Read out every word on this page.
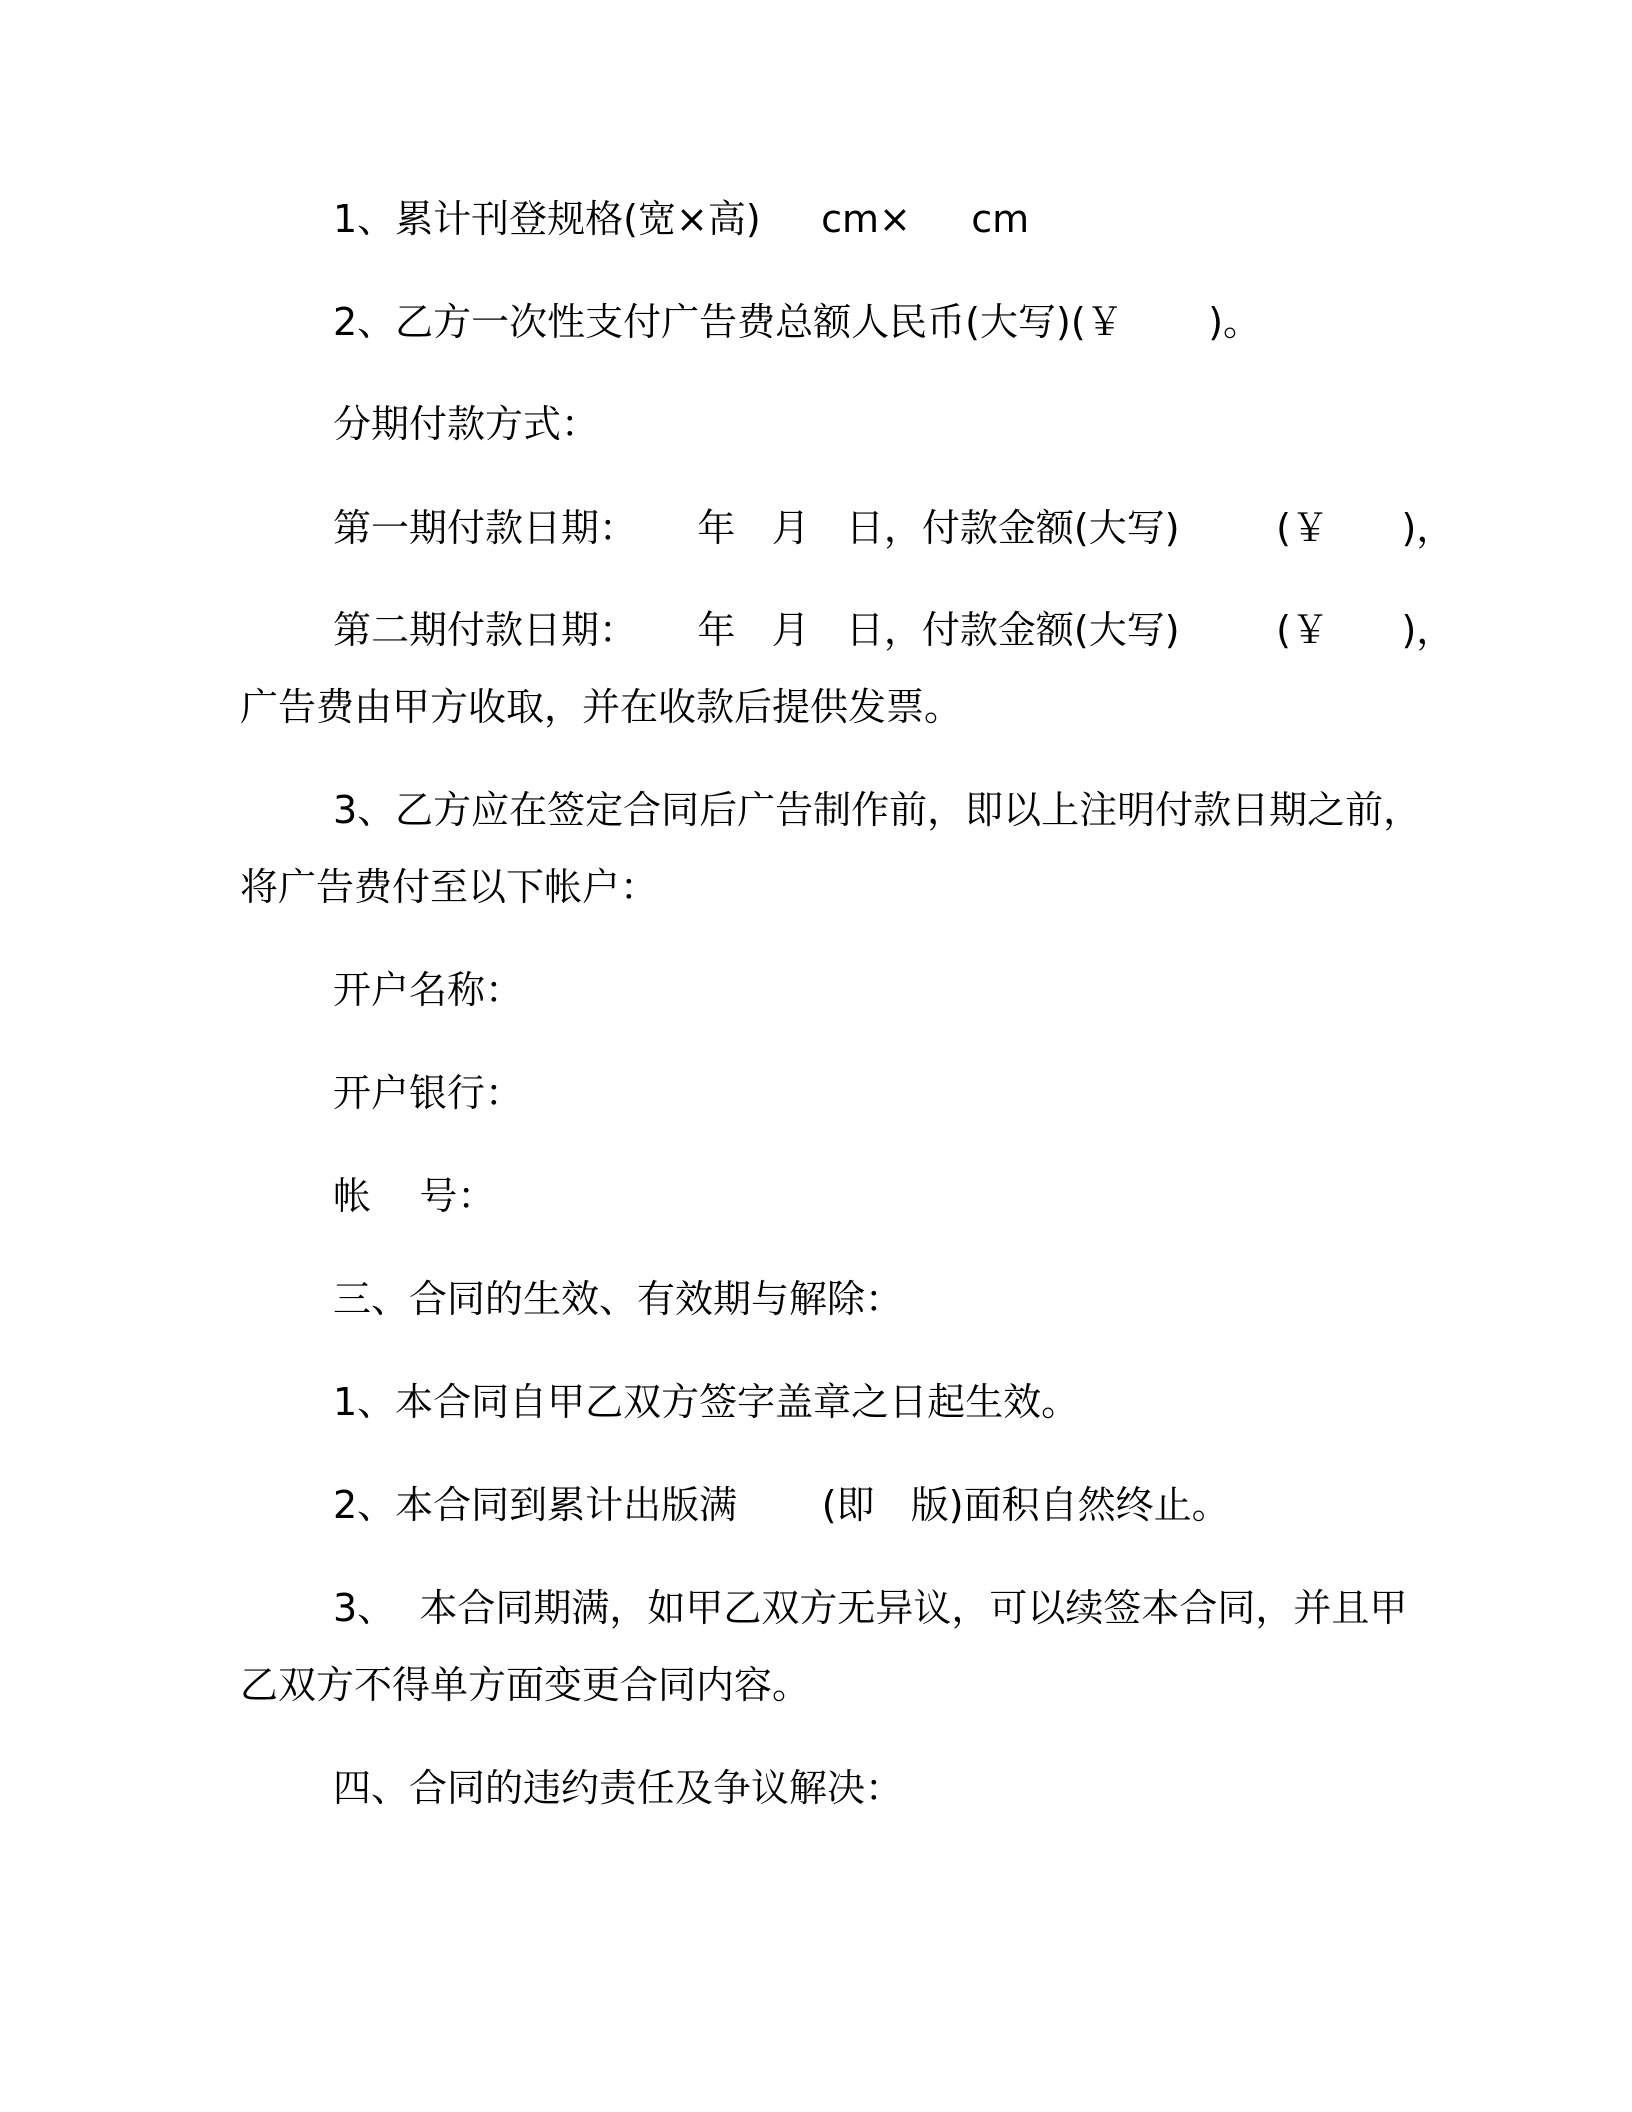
1、累计刊登规格(宽×高)     cm×     cm
2、乙方一次性支付广告费总额人民币(大写)(￥       )。
分期付款方式：
第一期付款日期：     年   月   日，付款金额(大写)        (￥      )，
第二期付款日期：     年   月   日，付款金额(大写)        (￥      )，
广告费由甲方收取，并在收款后提供发票。
3、乙方应在签定合同后广告制作前，即以上注明付款日期之前，
将广告费付至以下帐户：
开户名称：
开户银行：
帐    号：
三、合同的生效、有效期与解除：
1、本合同自甲乙双方签字盖章之日起生效。
2、本合同到累计出版满       (即   版)面积自然终止。
3、  本合同期满，如甲乙双方无异议，可以续签本合同，并且甲
乙双方不得单方面变更合同内容。
四、合同的违约责任及争议解决：
